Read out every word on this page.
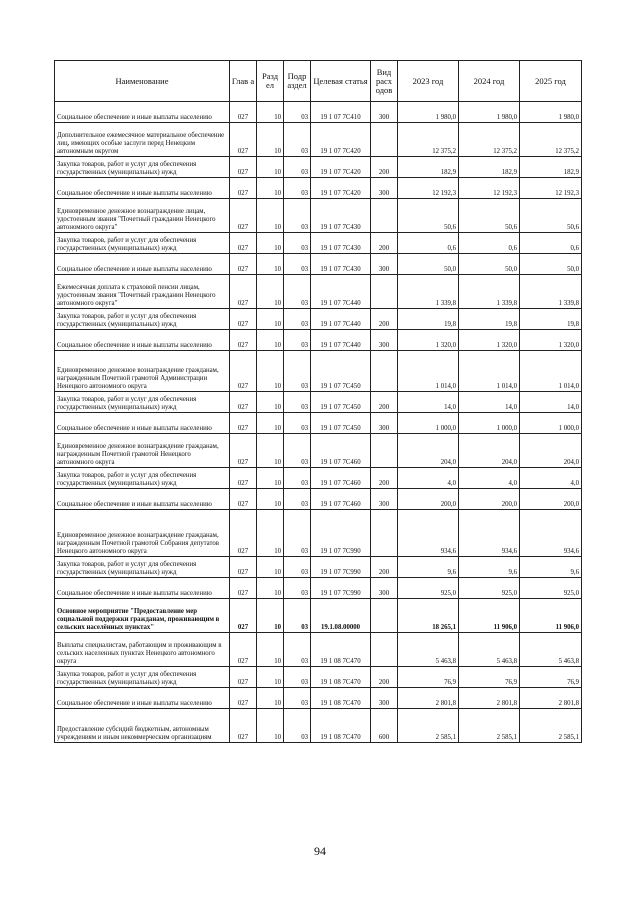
Наименование	Глав а	Разд ел	Подр аздел	Целевая статья	Вид расх одов	2023 год	2024 год	2025 год
Социальное обеспечение и иные выплаты населению	027	10	03	19 1 07 7С410	300	1 980,0	1 980,0	1 980,0
Дополнительное ежемесячное материальное обеспечение лиц, имеющих особые заслуги перед Ненецким автономным округом	027	10	03	19 1 07 7С420		12 375,2	12 375,2	12 375,2
Закупка товаров, работ и услуг для обеспечения государственных (муниципальных) нужд	027	10	03	19 1 07 7С420	200	182,9	182,9	182,9
Социальное обеспечение и иные выплаты населению	027	10	03	19 1 07 7С420	300	12 192,3	12 192,3	12 192,3
Единовременное денежное вознаграждение лицам, удостоенным звания "Почетный гражданин Ненецкого автономного округа"	027	10	03	19 1 07 7С430		50,6	50,6	50,6
Закупка товаров, работ и услуг для обеспечения государственных (муниципальных) нужд	027	10	03	19 1 07 7С430	200	0,6	0,6	0,6
Социальное обеспечение и иные выплаты населению	027	10	03	19 1 07 7С430	300	50,0	50,0	50,0
Ежемесячная доплата к страховой пенсии лицам, удостоенным звания "Почетный гражданин Ненецкого автономного округа"	027	10	03	19 1 07 7С440		1 339,8	1 339,8	1 339,8
Закупка товаров, работ и услуг для обеспечения государственных (муниципальных) нужд	027	10	03	19 1 07 7С440	200	19,8	19,8	19,8
Социальное обеспечение и иные выплаты населению	027	10	03	19 1 07 7С440	300	1 320,0	1 320,0	1 320,0
Единовременное денежное вознаграждение гражданам, награжденным Почетной грамотой Администрации Ненецкого автономного округа	027	10	03	19 1 07 7С450		1 014,0	1 014,0	1 014,0
Закупка товаров, работ и услуг для обеспечения государственных (муниципальных) нужд	027	10	03	19 1 07 7С450	200	14,0	14,0	14,0
Социальное обеспечение и иные выплаты населению	027	10	03	19 1 07 7С450	300	1 000,0	1 000,0	1 000,0
Единовременное денежное вознаграждение гражданам, награжденным Почетной грамотой Ненецкого автономного округа	027	10	03	19 1 07 7С460		204,0	204,0	204,0
Закупка товаров, работ и услуг для обеспечения государственных (муниципальных) нужд	027	10	03	19 1 07 7С460	200	4,0	4,0	4,0
Социальное обеспечение и иные выплаты населению	027	10	03	19 1 07 7С460	300	200,0	200,0	200,0
Единовременное денежное вознаграждение гражданам, награжденным Почетной грамотой Собрания депутатов Ненецкого автономного округа	027	10	03	19 1 07 7С990		934,6	934,6	934,6
Закупка товаров, работ и услуг для обеспечения государственных (муниципальных) нужд	027	10	03	19 1 07 7С990	200	9,6	9,6	9,6
Социальное обеспечение и иные выплаты населению	027	10	03	19 1 07 7С990	300	925,0	925,0	925,0
Основное мероприятие "Предоставление мер социальной поддержки гражданам, проживающим в сельских населённых пунктах"	027	10	03	19.1.08.00000		18 265,1	11 906,0	11 906,0
Выплаты специалистам, работающим и проживающим в сельских населенных пунктах Ненецкого автономного округа	027	10	03	19 1 08 7С470		5 463,8	5 463,8	5 463,8
Закупка товаров, работ и услуг для обеспечения государственных (муниципальных) нужд	027	10	03	19 1 08 7С470	200	76,9	76,9	76,9
Социальное обеспечение и иные выплаты населению	027	10	03	19 1 08 7С470	300	2 801,8	2 801,8	2 801,8
Предоставление субсидий бюджетным, автономным учреждениям и иным некоммерческим организациям	027	10	03	19 1 08 7С470	600	2 585,1	2 585,1	2 585,1
94
